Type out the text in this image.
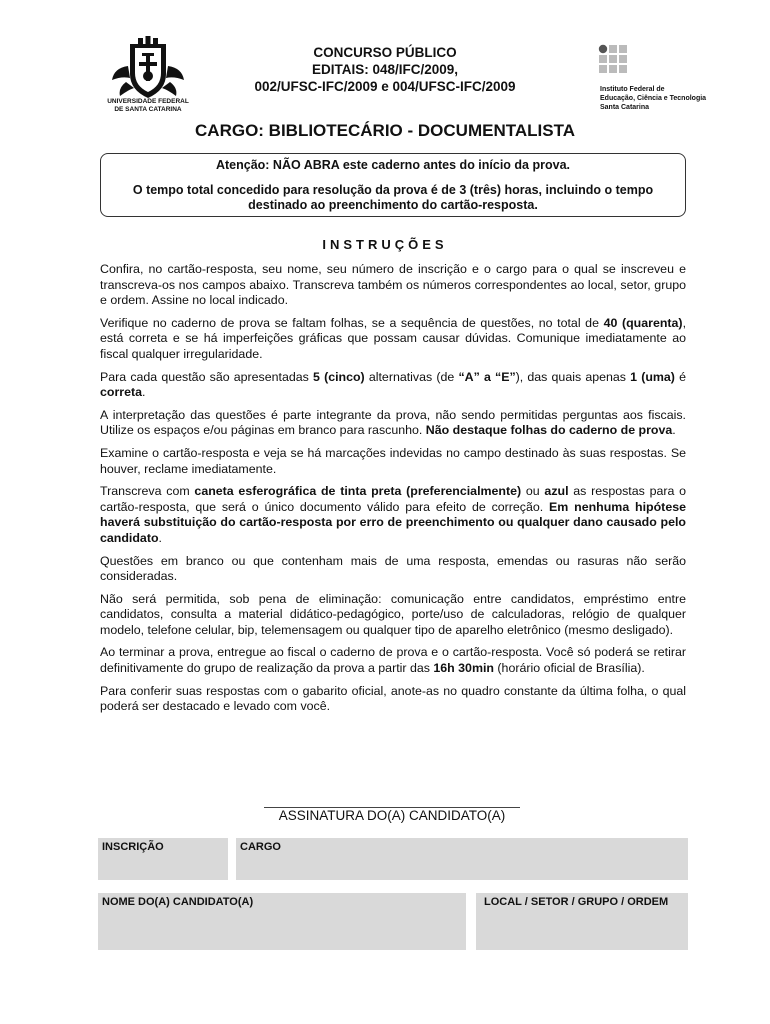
UNIVERSIDADE FEDERAL
DE SANTA CATARINA
CONCURSO PÚBLICO
EDITAIS: 048/IFC/2009,
002/UFSC-IFC/2009 e 004/UFSC-IFC/2009	Instituto Federal de
Educação, Ciência e Tecnologia
Santa Catarina
CARGO: BIBLIOTECÁRIO - DOCUMENTALISTA
Atenção: NÃO ABRA este caderno antes do início da prova.
O tempo total concedido para resolução da prova é de 3 (três) horas, incluindo o tempo destinado ao preenchimento do cartão-resposta.
INSTRUÇÕES

Confira, no cartão-resposta, seu nome, seu número de inscrição e o cargo para o qual se inscreveu e transcreva-os nos campos abaixo. Transcreva também os números correspondentes ao local, setor, grupo e ordem. Assine no local indicado.

Verifique no caderno de prova se faltam folhas, se a sequência de questões, no total de 40 (quarenta), está correta e se há imperfeições gráficas que possam causar dúvidas. Comunique imediatamente ao fiscal qualquer irregularidade.

Para cada questão são apresentadas 5 (cinco) alternativas (de “A” a “E”), das quais apenas 1 (uma) é correta.

A interpretação das questões é parte integrante da prova, não sendo permitidas perguntas aos fiscais. Utilize os espaços e/ou páginas em branco para rascunho. Não destaque folhas do caderno de prova.

Examine o cartão-resposta e veja se há marcações indevidas no campo destinado às suas respostas. Se houver, reclame imediatamente.

Transcreva com caneta esferográfica de tinta preta (preferencialmente) ou azul as respostas para o cartão-resposta, que será o único documento válido para efeito de correção. Em nenhuma hipótese haverá substituição do cartão-resposta por erro de preenchimento ou qualquer dano causado pelo candidato.

Questões em branco ou que contenham mais de uma resposta, emendas ou rasuras não serão consideradas.

Não será permitida, sob pena de eliminação: comunicação entre candidatos, empréstimo entre candidatos, consulta a material didático-pedagógico, porte/uso de calculadoras, relógio de qualquer modelo, telefone celular, bip, telemensagem ou qualquer tipo de aparelho eletrônico (mesmo desligado).

Ao terminar a prova, entregue ao fiscal o caderno de prova e o cartão-resposta. Você só poderá se retirar definitivamente do grupo de realização da prova a partir das 16h 30min (horário oficial de Brasília).

Para conferir suas respostas com o gabarito oficial, anote-as no quadro constante da última folha, o qual poderá ser destacado e levado com você.

ASSINATURA DO(A) CANDIDATO(A)
INSCRIÇÃO	CARGO
NOME DO(A) CANDIDATO(A)	LOCAL / SETOR / GRUPO / ORDEM
